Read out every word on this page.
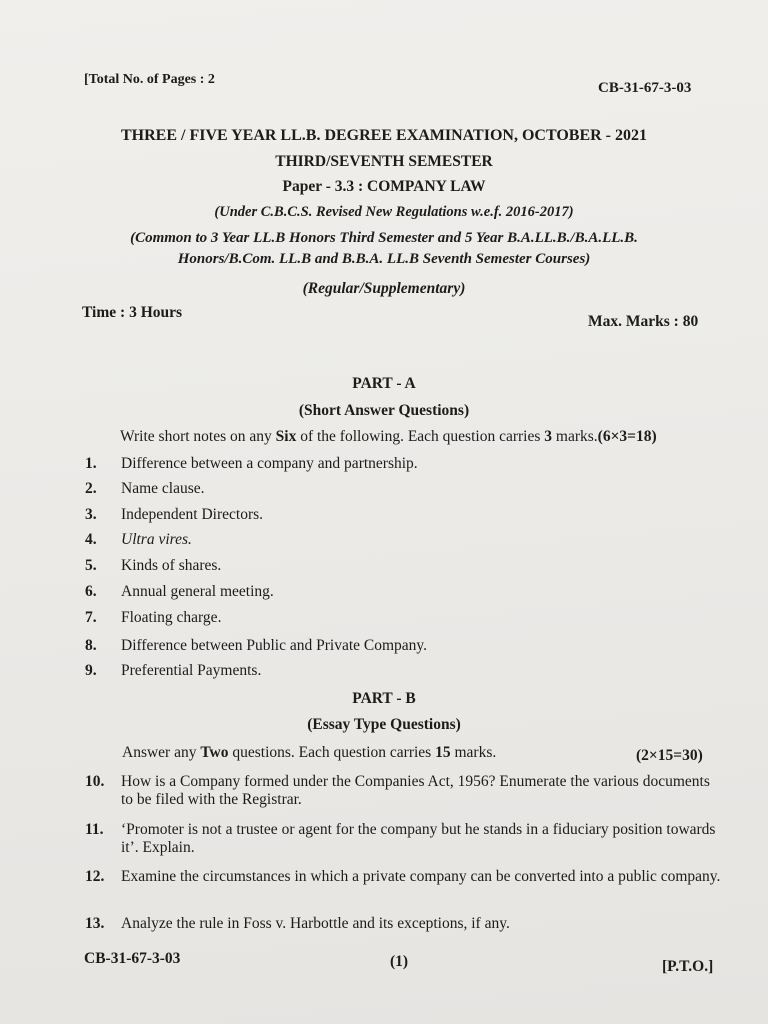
[Total No. of Pages : 2
CB-31-67-3-03
THREE / FIVE YEAR LL.B. DEGREE EXAMINATION, OCTOBER - 2021
THIRD/SEVENTH SEMESTER
Paper - 3.3 : COMPANY LAW
(Under C.B.C.S. Revised New Regulations w.e.f. 2016-2017)
(Common to 3 Year LL.B Honors Third Semester and 5 Year B.A.LL.B./B.A.LL.B.
Honors/B.Com. LL.B and B.B.A. LL.B Seventh Semester Courses)
(Regular/Supplementary)
Time : 3 Hours
Max. Marks : 80
PART - A
(Short Answer Questions)
Write short notes on any Six of the following. Each question carries 3 marks.(6×3=18)
1. Difference between a company and partnership.
2. Name clause.
3. Independent Directors.
4. Ultra vires.
5. Kinds of shares.
6. Annual general meeting.
7. Floating charge.
8. Difference between Public and Private Company.
9. Preferential Payments.
PART - B
(Essay Type Questions)
Answer any Two questions. Each question carries 15 marks.	(2×15=30)
10. How is a Company formed under the Companies Act, 1956? Enumerate the various documents to be filed with the Registrar.
11. ‘Promoter is not a trustee or agent for the company but he stands in a fiduciary position towards it’. Explain.
12. Examine the circumstances in which a private company can be converted into a public company.
13. Analyze the rule in Foss v. Harbottle and its exceptions, if any.
CB-31-67-3-03	(1)	[P.T.O.]
